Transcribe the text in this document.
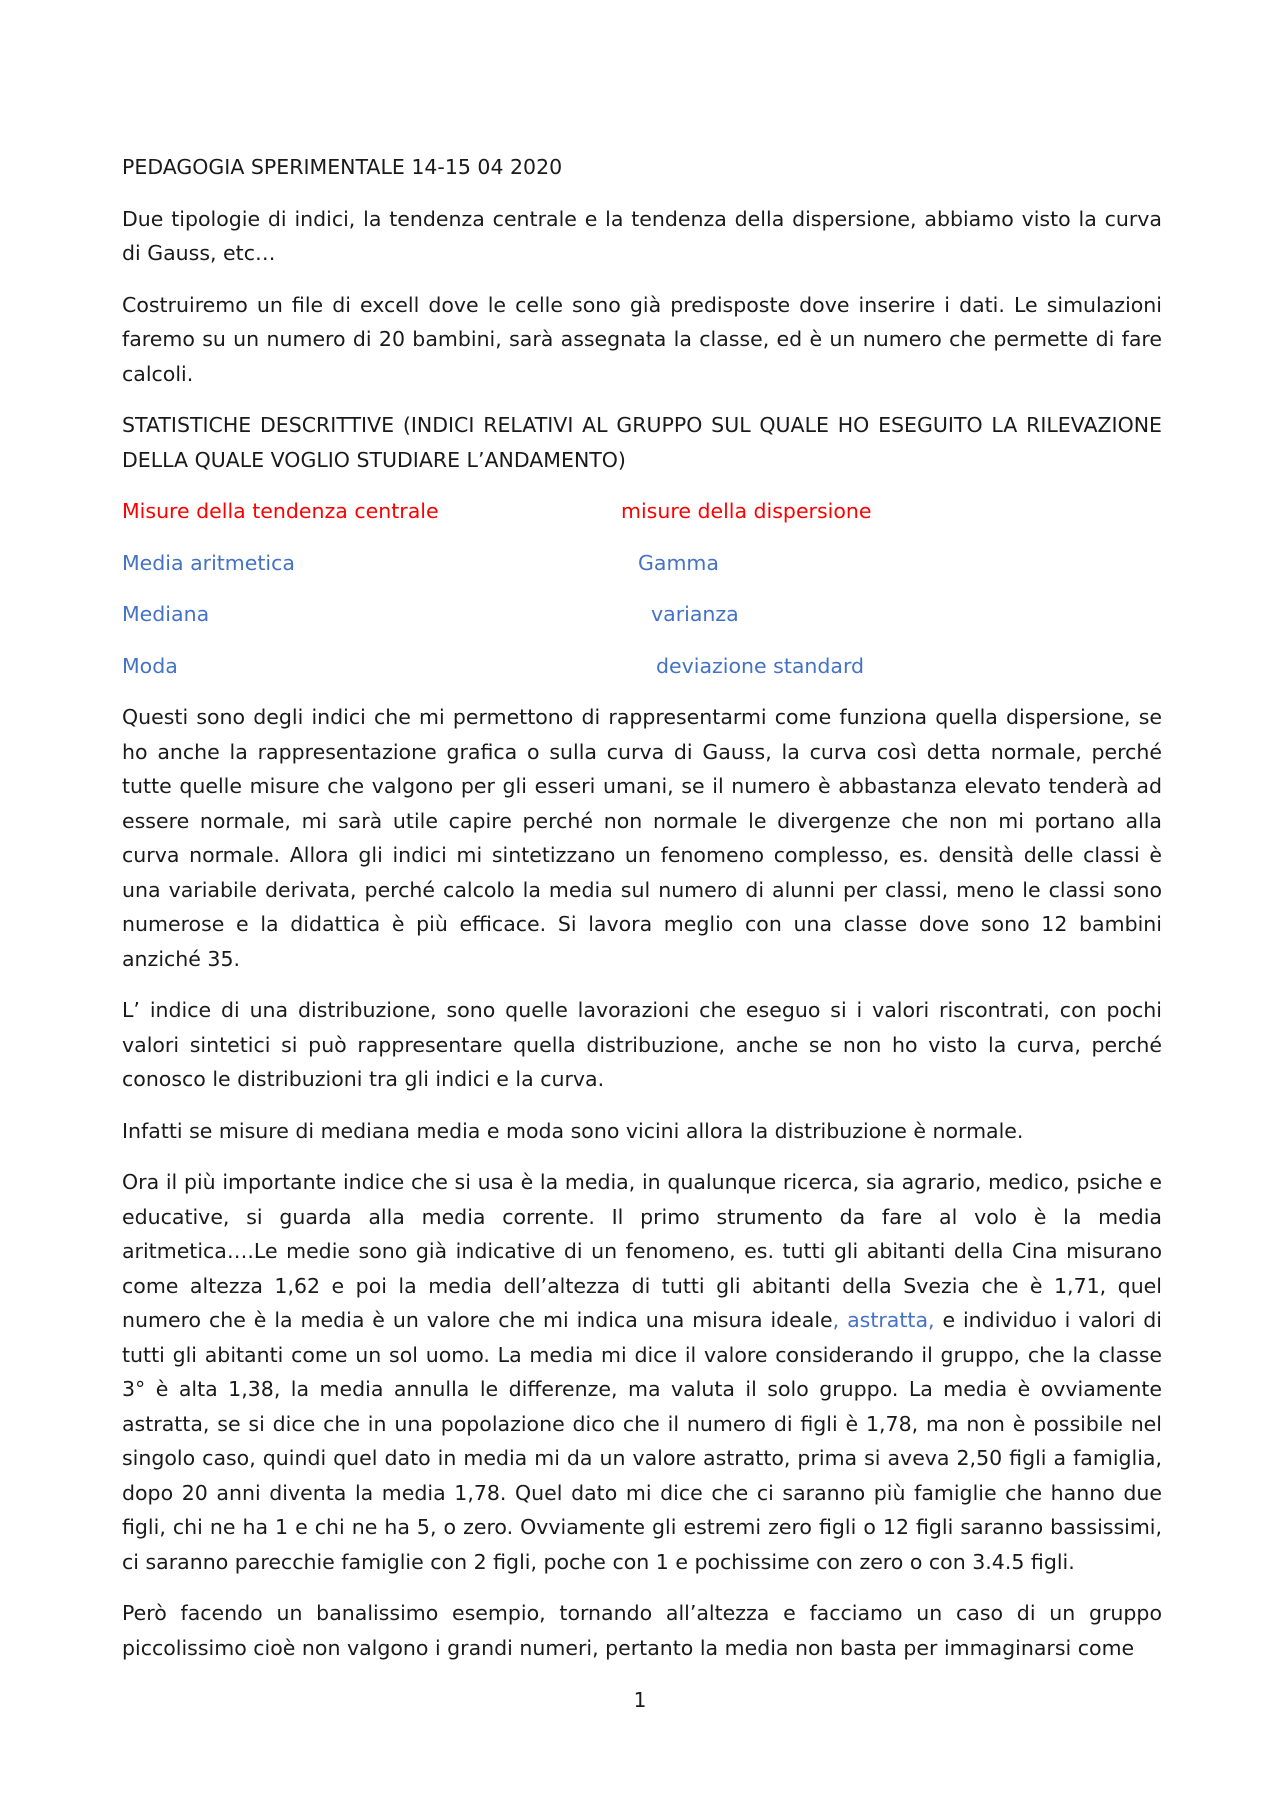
PEDAGOGIA SPERIMENTALE 14-15 04 2020

Due tipologie di indici, la tendenza centrale e la tendenza della dispersione, abbiamo visto la curva di Gauss, etc…

Costruiremo un file di excell dove le celle sono già predisposte dove inserire i dati. Le simulazioni faremo su un numero di 20 bambini, sarà assegnata la classe, ed è un numero che permette di fare calcoli.

STATISTICHE DESCRITTIVE (INDICI RELATIVI AL GRUPPO SUL QUALE HO ESEGUITO LA RILEVAZIONE DELLA QUALE VOGLIO STUDIARE L’ANDAMENTO)

Misure della tendenza centrale	misure della dispersione
Media aritmetica	Gamma
Mediana	varianza
Moda	deviazione standard

Questi sono degli indici che mi permettono di rappresentarmi come funziona quella dispersione, se ho anche la rappresentazione grafica o sulla curva di Gauss, la curva così detta normale, perché tutte quelle misure che valgono per gli esseri umani, se il numero è abbastanza elevato tenderà ad essere normale, mi sarà utile capire perché non normale le divergenze che non mi portano alla curva normale. Allora gli indici mi sintetizzano un fenomeno complesso, es. densità delle classi è una variabile derivata, perché calcolo la media sul numero di alunni per classi, meno le classi sono numerose e la didattica è più efficace. Si lavora meglio con una classe dove sono 12 bambini anziché 35.

L’ indice di una distribuzione, sono quelle lavorazioni che eseguo si i valori riscontrati, con pochi valori sintetici si può rappresentare quella distribuzione, anche se non ho visto la curva, perché conosco le distribuzioni tra gli indici e la curva.

Infatti se misure di mediana media e moda sono vicini allora la distribuzione è normale.

Ora il più importante indice che si usa è la media, in qualunque ricerca, sia agrario, medico, psiche e educative, si guarda alla media corrente. Il primo strumento da fare al volo è la media aritmetica….Le medie sono già indicative di un fenomeno, es. tutti gli abitanti della Cina misurano come altezza 1,62 e poi la media dell’altezza di tutti gli abitanti della Svezia che è 1,71, quel numero che è la media è un valore che mi indica una misura ideale, astratta, e individuo i valori di tutti gli abitanti come un sol uomo. La media mi dice il valore considerando il gruppo, che la classe 3° è alta 1,38, la media annulla le differenze, ma valuta il solo gruppo. La media è ovviamente astratta, se si dice che in una popolazione dico che il numero di figli è 1,78, ma non è possibile nel singolo caso, quindi quel dato in media mi da un valore astratto, prima si aveva 2,50 figli a famiglia, dopo 20 anni diventa la media 1,78. Quel dato mi dice che ci saranno più famiglie che hanno due figli, chi ne ha 1 e chi ne ha 5, o zero. Ovviamente gli estremi zero figli o 12 figli saranno bassissimi, ci saranno parecchie famiglie con 2 figli, poche con 1 e pochissime con zero o con 3.4.5 figli.

Però facendo un banalissimo esempio, tornando all’altezza e facciamo un caso di un gruppo piccolissimo cioè non valgono i grandi numeri, pertanto la media non basta per immaginarsi come

1
